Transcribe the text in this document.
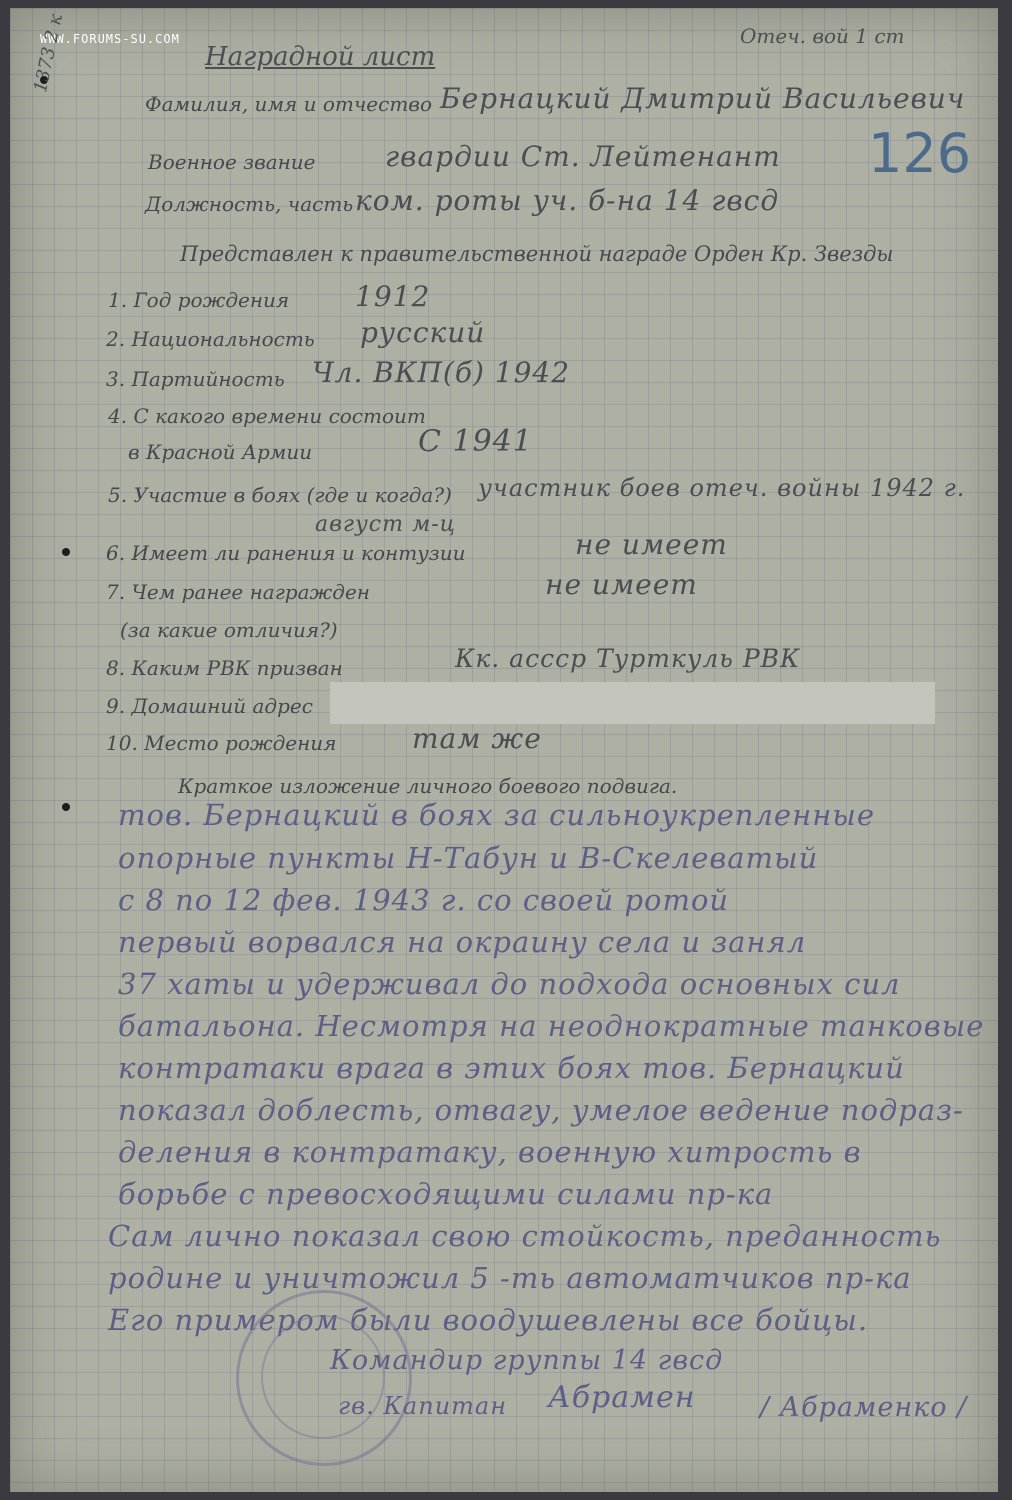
WWW.FORUMS-SU.COM
Наградной лист
Отеч. вой 1 ст
126
1373 2 к
Фамилия, имя и отчество Бернацкий Дмитрий Васильевич
Военное звание гвардии Ст. Лейтенант
Должность, часть ком. роты уч. б-на 14 гвсд
Представлен к правительственной награде Орден Кр. Звезды
1. Год рождения 1912
2. Национальность русский
3. Партийность Чл. ВКП(б) 1942
4. С какого времени состоит
в Красной Армии	С 1941
5. Участие в боях (где и когда?) участник боев отеч. войны 1942 г.
август м-ц
6. Имеет ли ранения и контузии	не имеет
7. Чем ранее награжден
(за какие отличия?)
не имеет
8. Каким РВК призван	Кк. ассср Турткуль РВК
9. Домашний адрес
10. Место рождения	там же
Краткое изложение личного боевого подвига.
тов. Бернацкий в боях за сильноукрепленные
опорные пункты Н-Табун и В-Скелеватый
с 8 по 12 фев. 1943 г. со своей ротой
первый ворвался на окраину села и занял
37 хаты и удерживал до подхода основных сил
батальона. Несмотря на неоднократные танковые
контратаки врага в этих боях тов. Бернацкий
показал доблесть, отвагу, умелое ведение подраз-
деления в контратаку, военную хитрость в
борьбе с превосходящими силами пр-ка
Сам лично показал свою стойкость, преданность
родине и уничтожил 5 -ть автоматчиков пр-ка
Его примером были воодушевлены все бойцы.
Командир группы 14 гвсд
гв. Капитан Абрамен / Абраменко /
